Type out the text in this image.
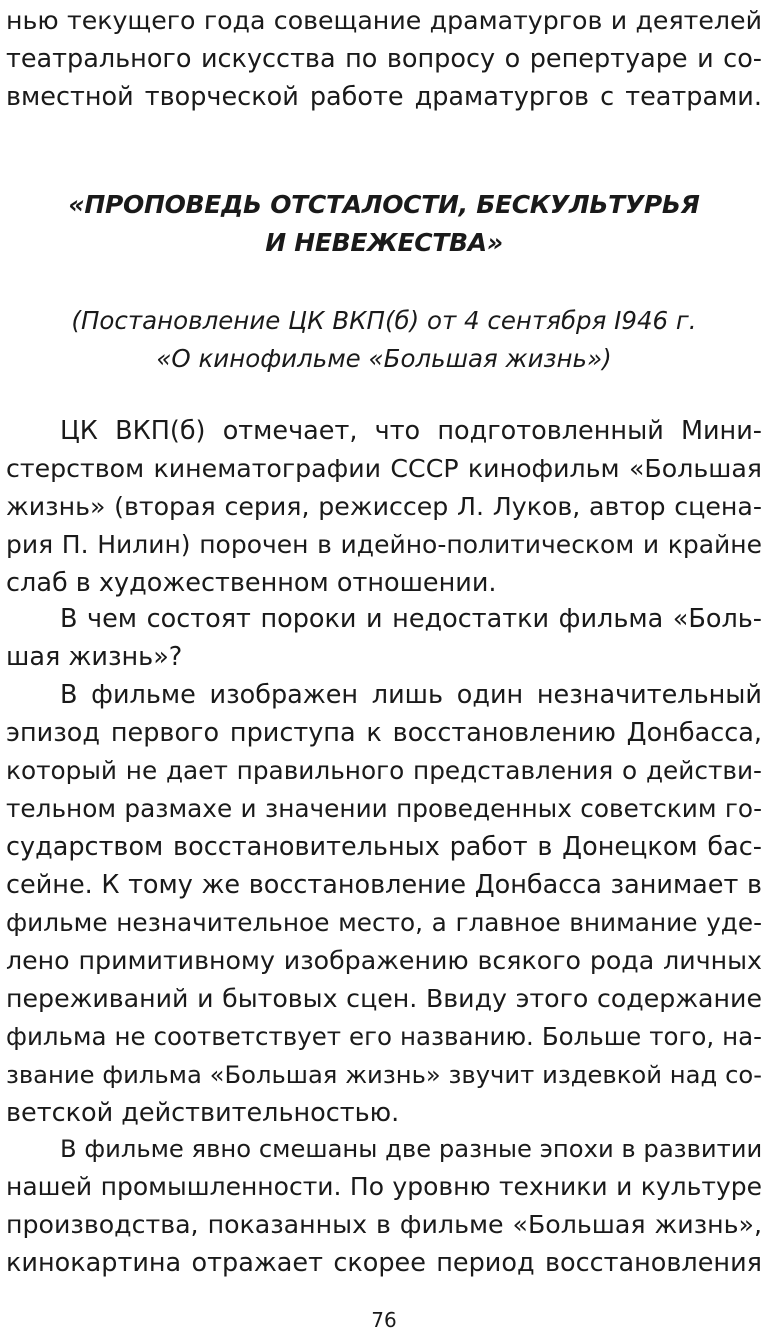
нью текущего года совещание драматургов и деятелей
театрального искусства по вопросу о репертуаре и со-
вместной творческой работе драматургов с театрами.
«ПРОПОВЕДЬ ОТСТАЛОСТИ, БЕСКУЛЬТУРЬЯ
И НЕВЕЖЕСТВА»
(Постановление ЦК ВКП(б) от 4 сентября І946 г.
«О кинофильме «Большая жизнь»)
ЦК ВКП(б) отмечает, что подготовленный Мини-
стерством кинематографии СССР кинофильм «Большая
жизнь» (вторая серия, режиссер Л. Луков, автор сцена-
рия П. Нилин) порочен в идейно-политическом и крайне
слаб в художественном отношении.
В чем состоят пороки и недостатки фильма «Боль-
шая жизнь»?
В фильме изображен лишь один незначительный
эпизод первого приступа к восстановлению Донбасса,
который не дает правильного представления о действи-
тельном размахе и значении проведенных советским го-
сударством восстановительных работ в Донецком бас-
сейне. К тому же восстановление Донбасса занимает в
фильме незначительное место, а главное внимание уде-
лено примитивному изображению всякого рода личных
переживаний и бытовых сцен. Ввиду этого содержание
фильма не соответствует его названию. Больше того, на-
звание фильма «Большая жизнь» звучит издевкой над со-
ветской действительностью.
В фильме явно смешаны две разные эпохи в развитии
нашей промышленности. По уровню техники и культуре
производства, показанных в фильме «Большая жизнь»,
кинокартина отражает скорее период восстановления
76
